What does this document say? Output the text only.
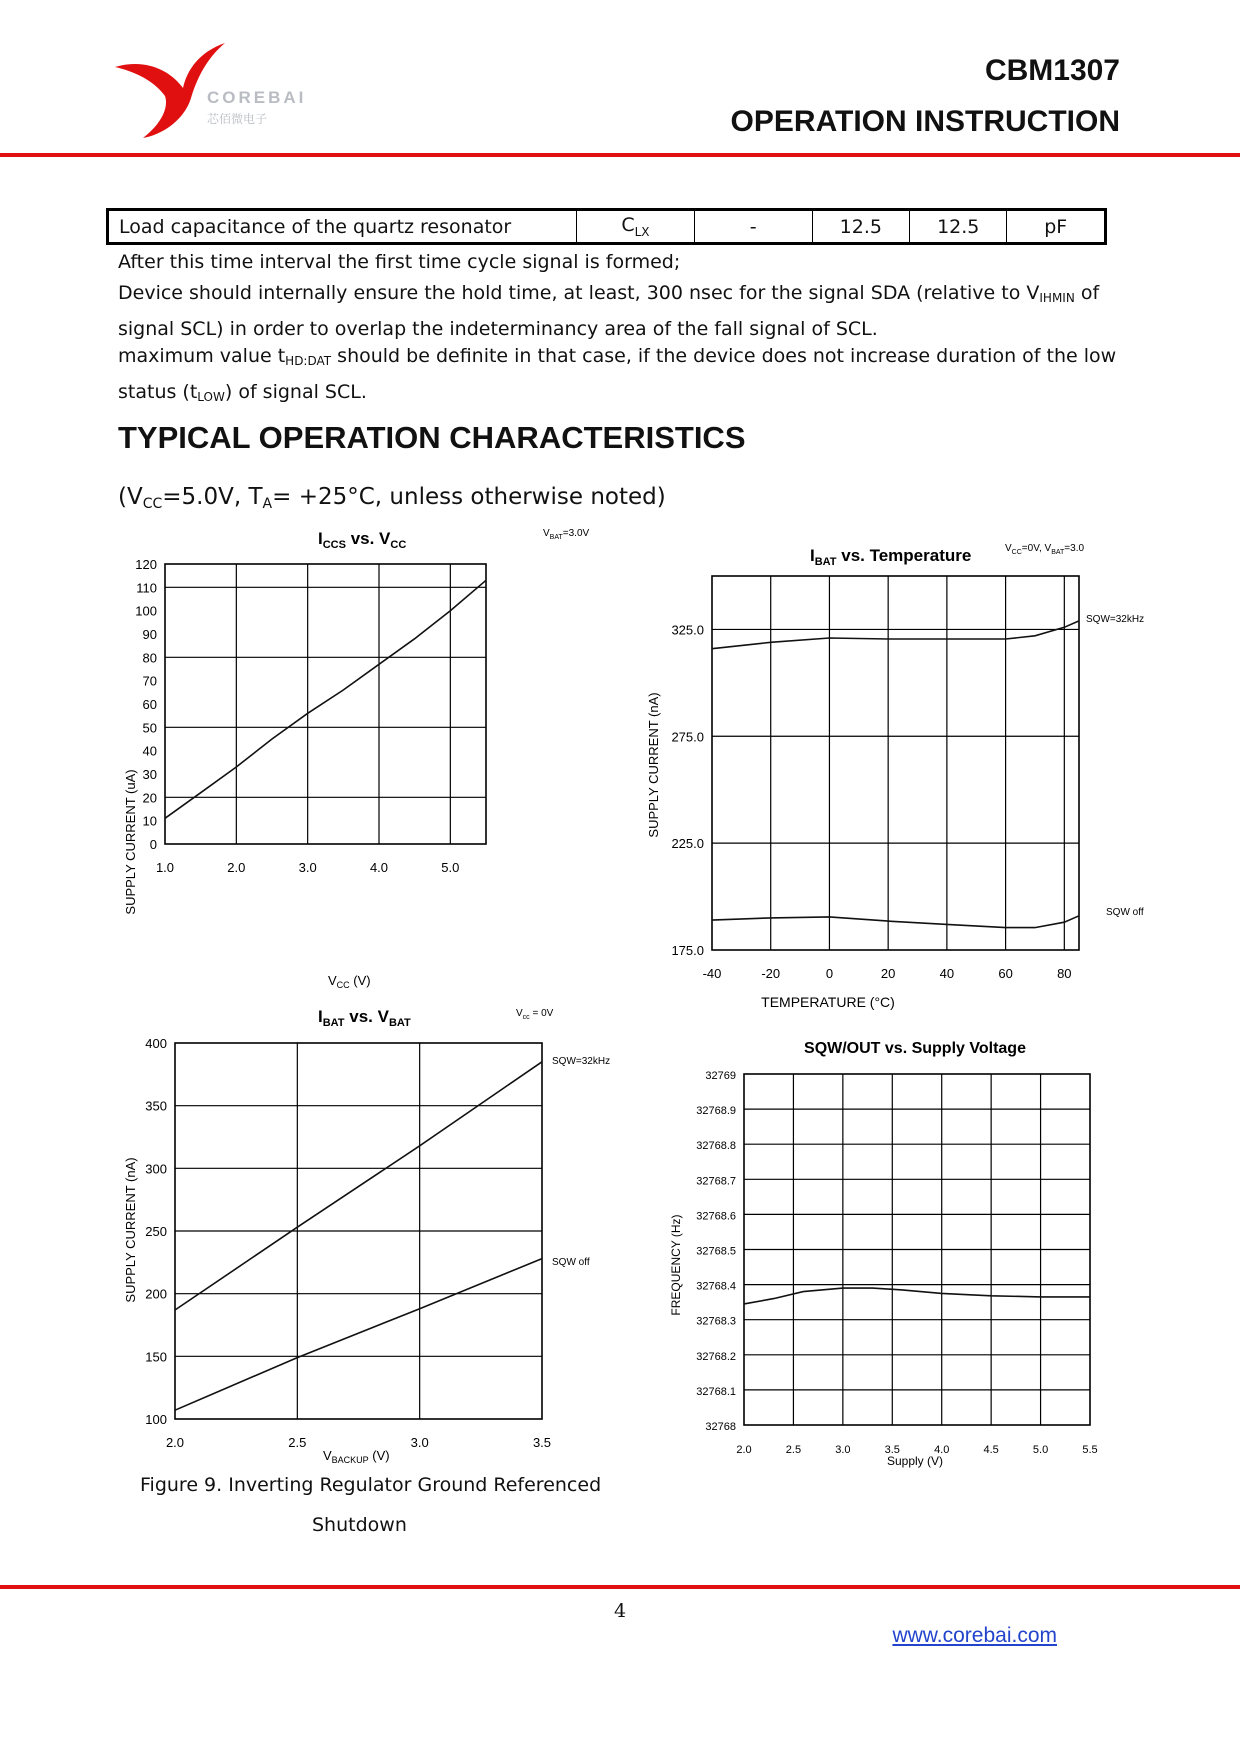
COREBAI
芯佰微电子
CBM1307
OPERATION INSTRUCTION
Load capacitance of the quartz resonator	$C_{LX}$	-	12.5	12.5	pF
After this time interval the first time cycle signal is formed;
Device should internally ensure the hold time, at least, 300 nsec for the signal SDA (relative to $V_{IHMIN}$ of signal SCL) in order to overlap the indeterminancy area of the fall signal of SCL.
maximum value $t_{HD:DAT}$ should be definite in that case, if the device does not increase duration of the low status $(t_{LOW})$ of signal SCL.
TYPICAL OPERATION CHARACTERISTICS
($V_{CC}=5.0V$, $T_A= +25^\circ C$, unless otherwise noted)
$I_{CCS}$ vs. $V_{CC}$
$V_{BAT}=3.0V$
SUPPLY CURRENT (uA)
$V_{CC}$ (V)
1.0	2.0	3.0	4.0	5.0
0
10
20
30
40
50
60
70
80
90
100
110
120	$I_{BAT}$ vs. Temperature	$V_{CC}=0V$, $V_{BAT}=3.0$
SUPPLY CURRENT (nA)
TEMPERATURE (°C)
-40	-20	0	20	40	60	80
175.0
225.0
275.0
325.0
SQW=32kHz
SQW off
$I_{BAT}$ vs. $V_{BAT}$
$V_{cc} = 0V$
SUPPLY CURRENT (nA)
$V_{BACKUP}$ (V)
2.0	2.5	3.0	3.5
100
150
200
250
300
350
400
SQW=32kHz
SQW off
SQW/OUT vs. Supply Voltage
FREQUENCY (Hz)
Supply (V)
2.0	2.5	3.0	3.5	4.0	4.5	5.0	5.5
32768
32768.1
32768.2
32768.3
32768.4
32768.5
32768.6
32768.7
32768.8
32768.9
32769
Figure 9. Inverting Regulator Ground Referenced
Shutdown
4
www.corebai.com
